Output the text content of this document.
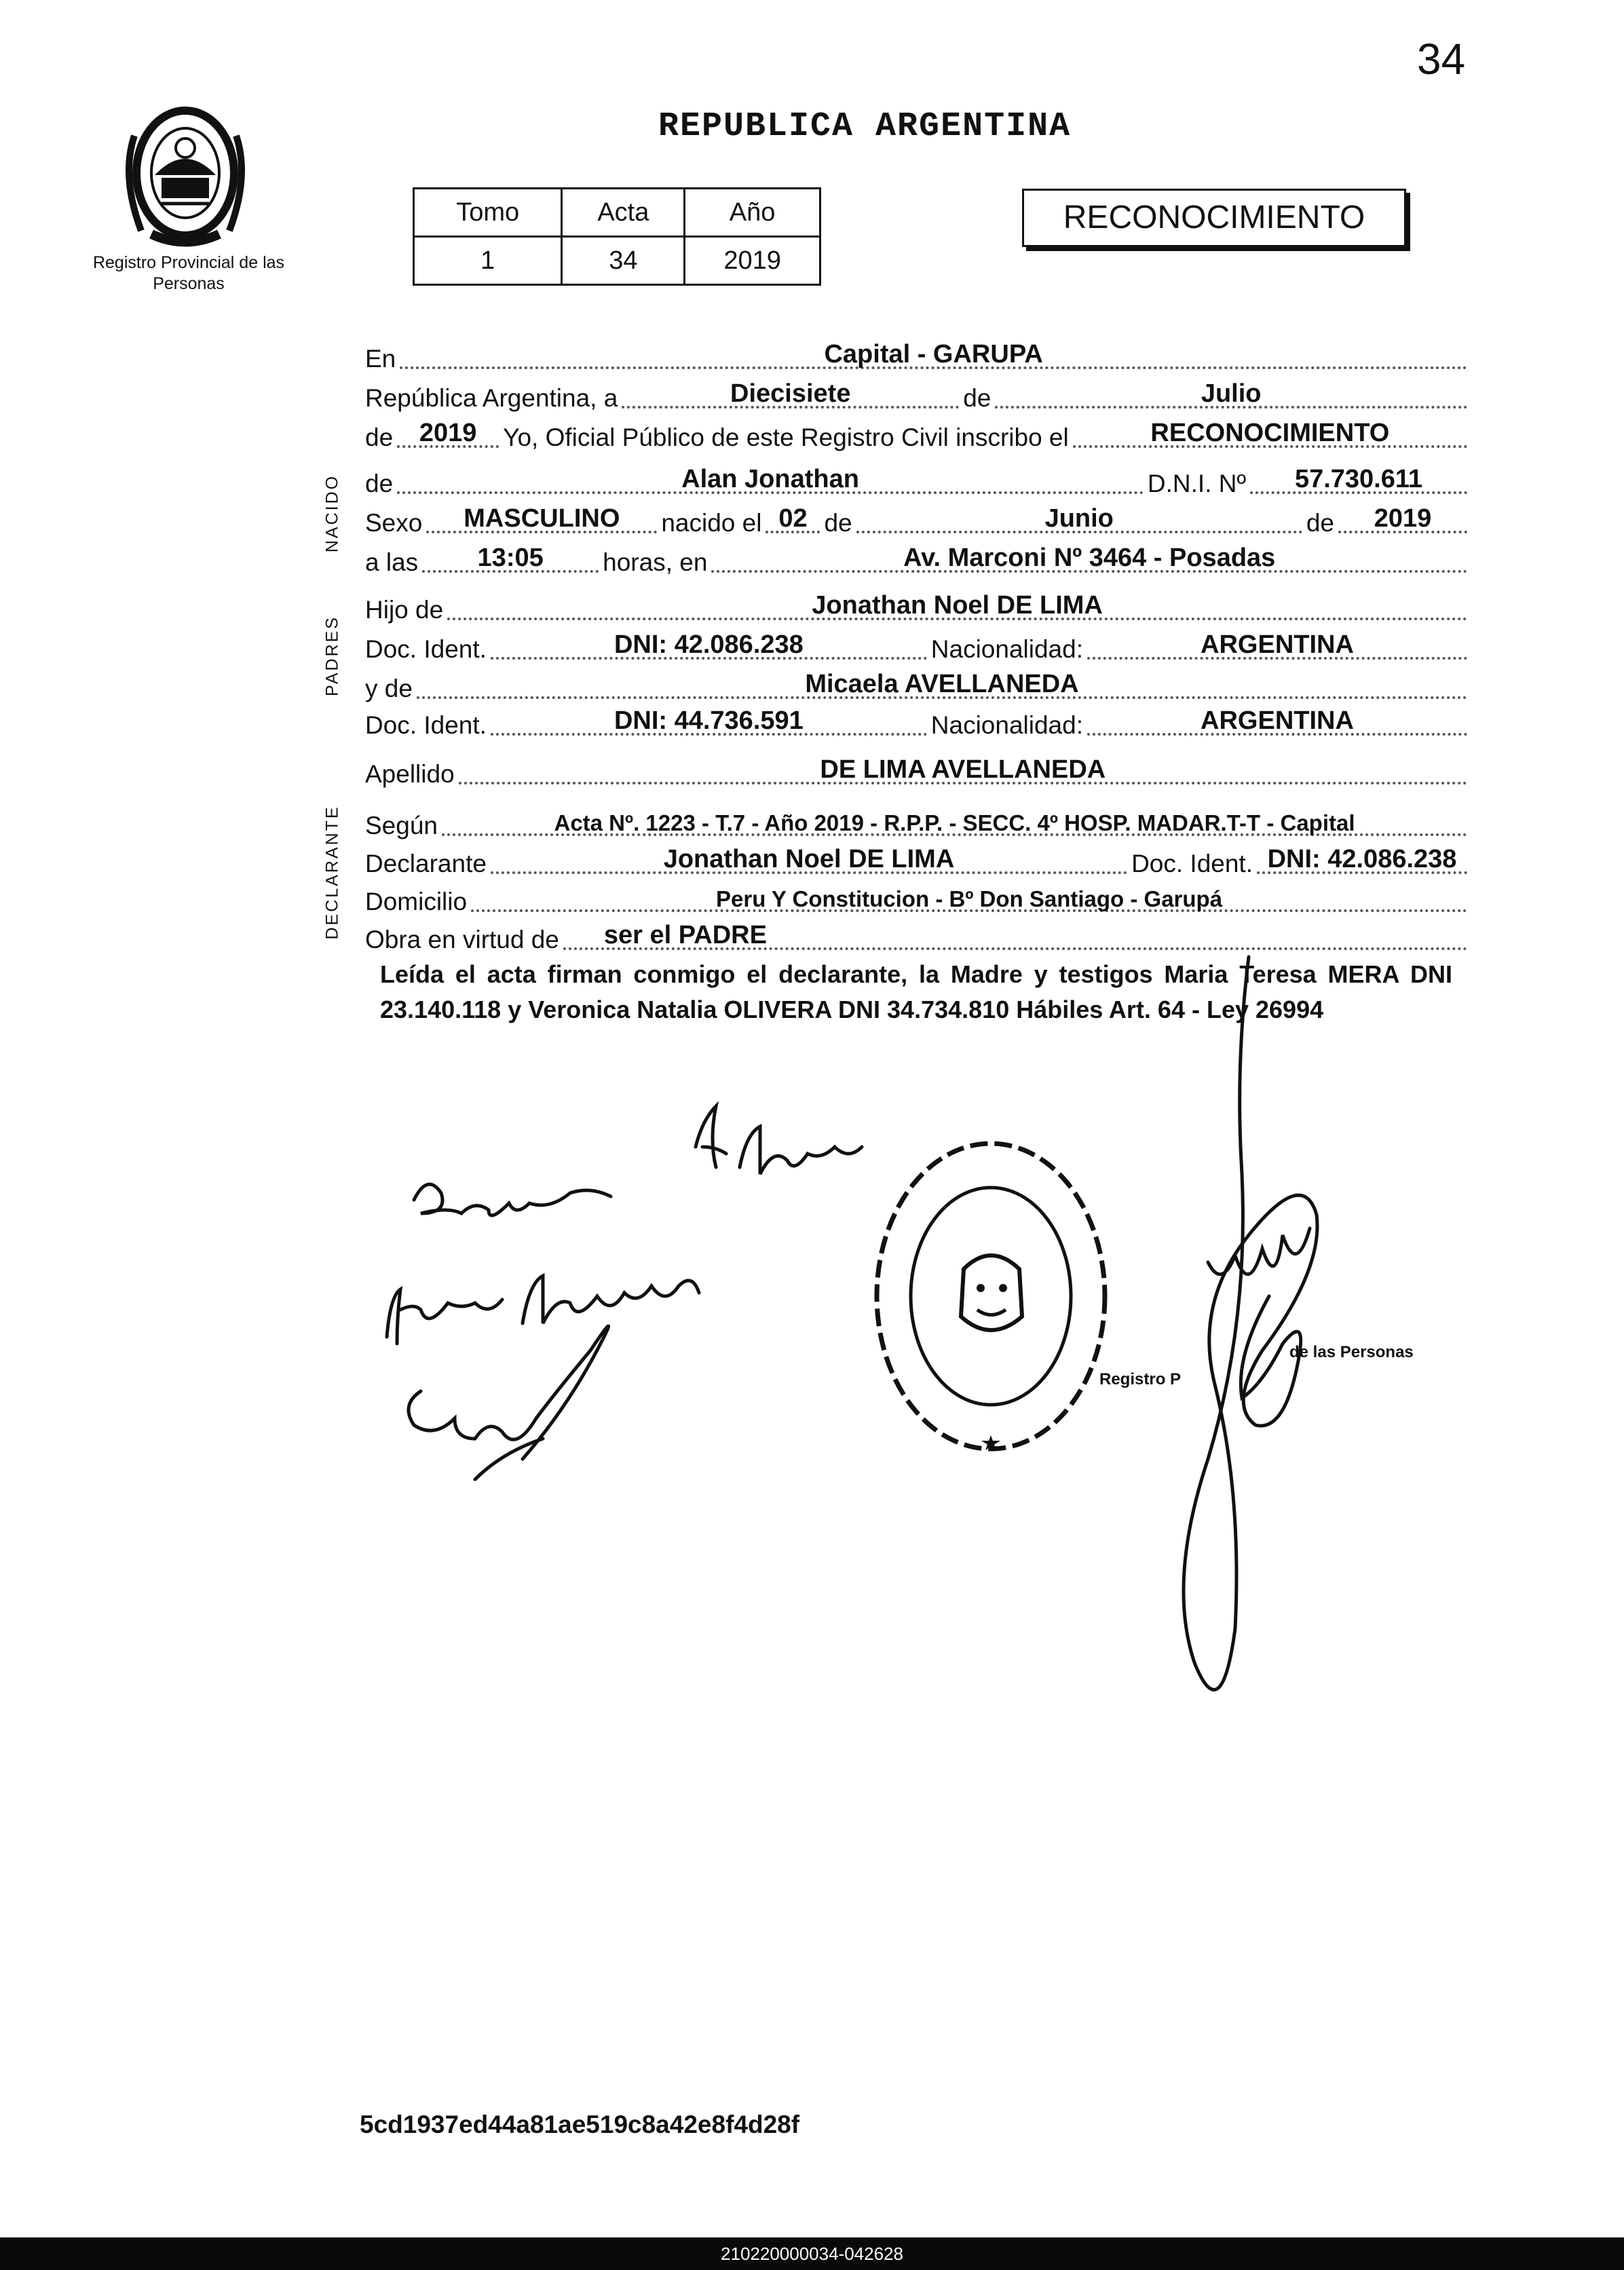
34
REPUBLICA ARGENTINA
Registro Provincial de las Personas
Tomo	Acta	Año
1	34	2019
RECONOCIMIENTO
NACIDO
PADRES
DECLARANTE
En	Capital - GARUPA
República Argentina, a	Diecisiete	de	Julio
de	2019	Yo, Oficial Público de este Registro Civil inscribo el	RECONOCIMIENTO
de	Alan Jonathan	D.N.I. Nº	57.730.611
Sexo	MASCULINO	nacido el 02 de	Junio	de	2019
a las	13:05	horas, en	Av. Marconi Nº 3464 - Posadas
Hijo de	Jonathan Noel DE LIMA
Doc. Ident.	DNI: 42.086.238	Nacionalidad:	ARGENTINA
y de	Micaela AVELLANEDA
Doc. Ident.	DNI: 44.736.591	Nacionalidad:	ARGENTINA
Apellido	DE LIMA AVELLANEDA
Según	Acta Nº. 1223 - T.7 - Año 2019 - R.P.P. - SECC. 4º HOSP. MADAR.T-T - Capital
Declarante	Jonathan Noel DE LIMA	Doc. Ident. DNI: 42.086.238
Domicilio	Peru Y Constitucion - Bº Don Santiago - Garupá
Obra en virtud de ser el PADRE
Leída el acta firman conmigo el declarante, la Madre y testigos Maria Teresa MERA DNI 23.140.118 y Veronica Natalia OLIVERA DNI 34.734.810 Hábiles Art. 64 - Ley 26994
Registro P
de las Personas
5cd1937ed44a81ae519c8a42e8f4d28f
210220000034-042628
